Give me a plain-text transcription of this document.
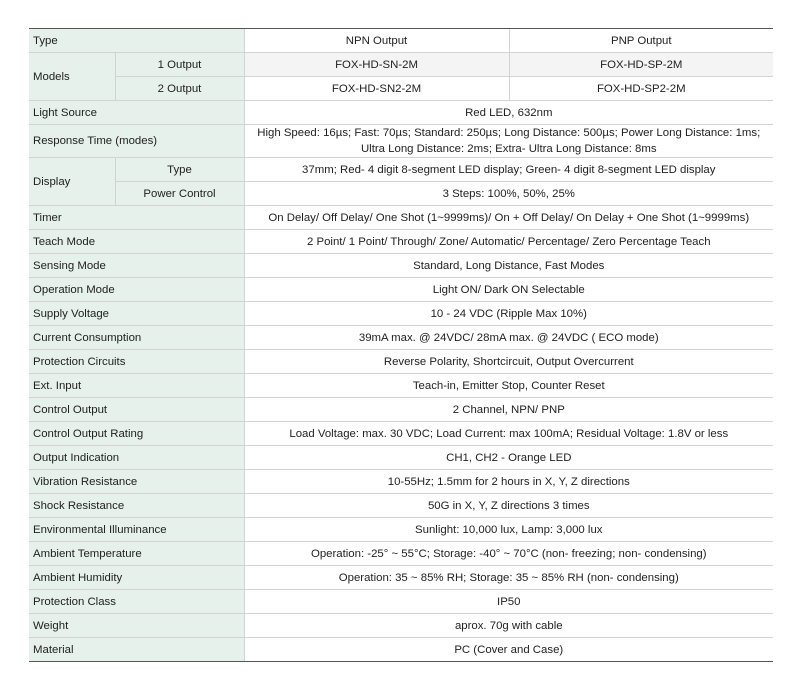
Type		NPN Output	PNP Output
Models	1 Output	FOX-HD-SN-2M	FOX-HD-SP-2M
	2 Output	FOX-HD-SN2-2M	FOX-HD-SP2-2M
Light Source		Red LED, 632nm	
Response Time (modes)		High Speed: 16µs; Fast: 70µs; Standard: 250µs; Long Distance: 500µs; Power Long Distance: 1ms; Ultra Long Distance: 2ms; Extra- Ultra Long Distance: 8ms	
Display	Type	37mm; Red- 4 digit 8-segment LED display; Green- 4 digit 8-segment LED display	
	Power Control	3 Steps: 100%, 50%, 25%	
Timer		On Delay/ Off Delay/ One Shot (1~9999ms)/ On + Off Delay/ On Delay + One Shot (1~9999ms)	
Teach Mode		2 Point/ 1 Point/ Through/ Zone/ Automatic/ Percentage/ Zero Percentage Teach	
Sensing Mode		Standard, Long Distance, Fast Modes	
Operation Mode		Light ON/ Dark ON Selectable	
Supply Voltage		10 - 24 VDC (Ripple Max 10%)	
Current Consumption		39mA max. @ 24VDC/ 28mA max. @ 24VDC ( ECO mode)	
Protection Circuits		Reverse Polarity, Shortcircuit, Output Overcurrent	
Ext. Input		Teach-in, Emitter Stop, Counter Reset	
Control Output		2 Channel, NPN/ PNP	
Control Output Rating		Load Voltage: max. 30 VDC; Load Current: max 100mA; Residual Voltage: 1.8V or less	
Output Indication		CH1, CH2 - Orange LED	
Vibration Resistance		10-55Hz; 1.5mm for 2 hours in X, Y, Z directions	
Shock Resistance		50G in X, Y, Z directions 3 times	
Environmental Illuminance		Sunlight: 10,000 lux, Lamp: 3,000 lux	
Ambient Temperature		Operation: -25° ~ 55°C; Storage: -40° ~ 70°C (non- freezing; non- condensing)	
Ambient Humidity		Operation: 35 ~ 85% RH; Storage: 35 ~ 85% RH (non- condensing)	
Protection Class		IP50	
Weight		aprox. 70g with cable	
Material		PC (Cover and Case)	
